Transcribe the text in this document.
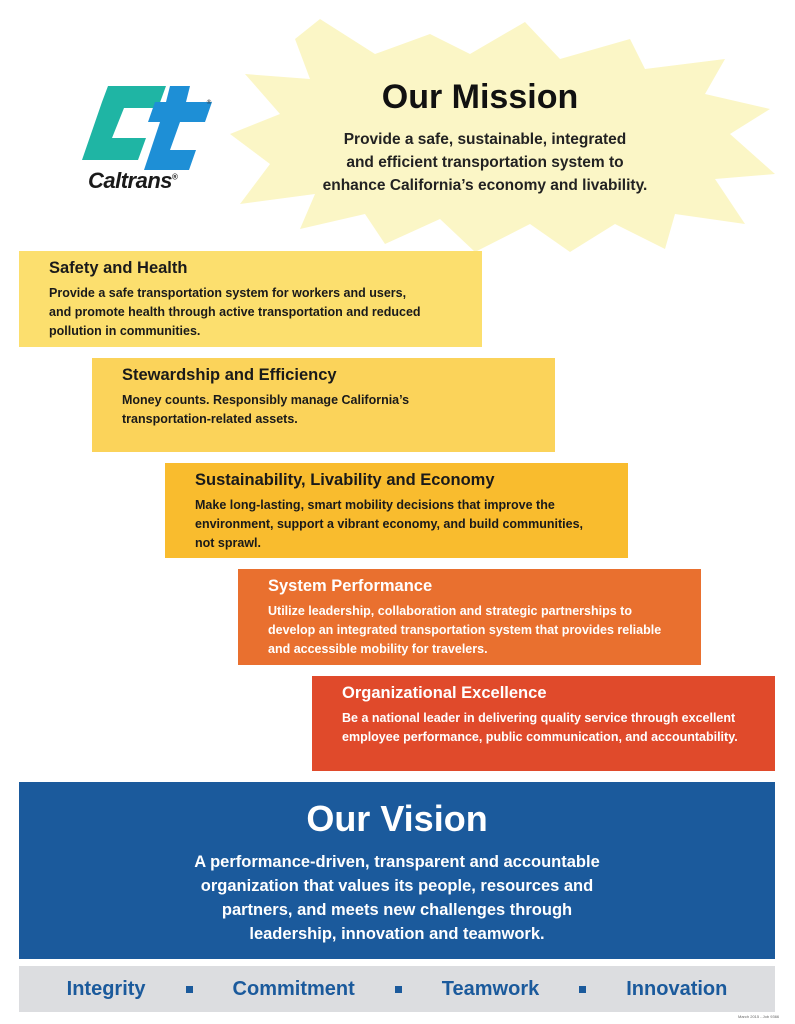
®
Caltrans®
Our Mission
Provide a safe, sustainable, integrated
and efficient transportation system to
enhance California’s economy and livability.
Safety and Health

Provide a safe transportation system for workers and users,
and promote health through active transportation and reduced
pollution in communities.

Stewardship and Efficiency

Money counts. Responsibly manage California’s
transportation-related assets.

Sustainability, Livability and Economy

Make long-lasting, smart mobility decisions that improve the
environment, support a vibrant economy, and build communities,
not sprawl.

System Performance

Utilize leadership, collaboration and strategic partnerships to
develop an integrated transportation system that provides reliable
and accessible mobility for travelers.

Organizational Excellence

Be a national leader in delivering quality service through excellent
employee performance, public communication, and accountability.

Our Vision
A performance-driven, transparent and accountable
organization that values its people, resources and
partners, and meets new challenges through
leadership, innovation and teamwork.
Integrity	Commitment	Teamwork	Innovation
March 2015 - Job 9366
